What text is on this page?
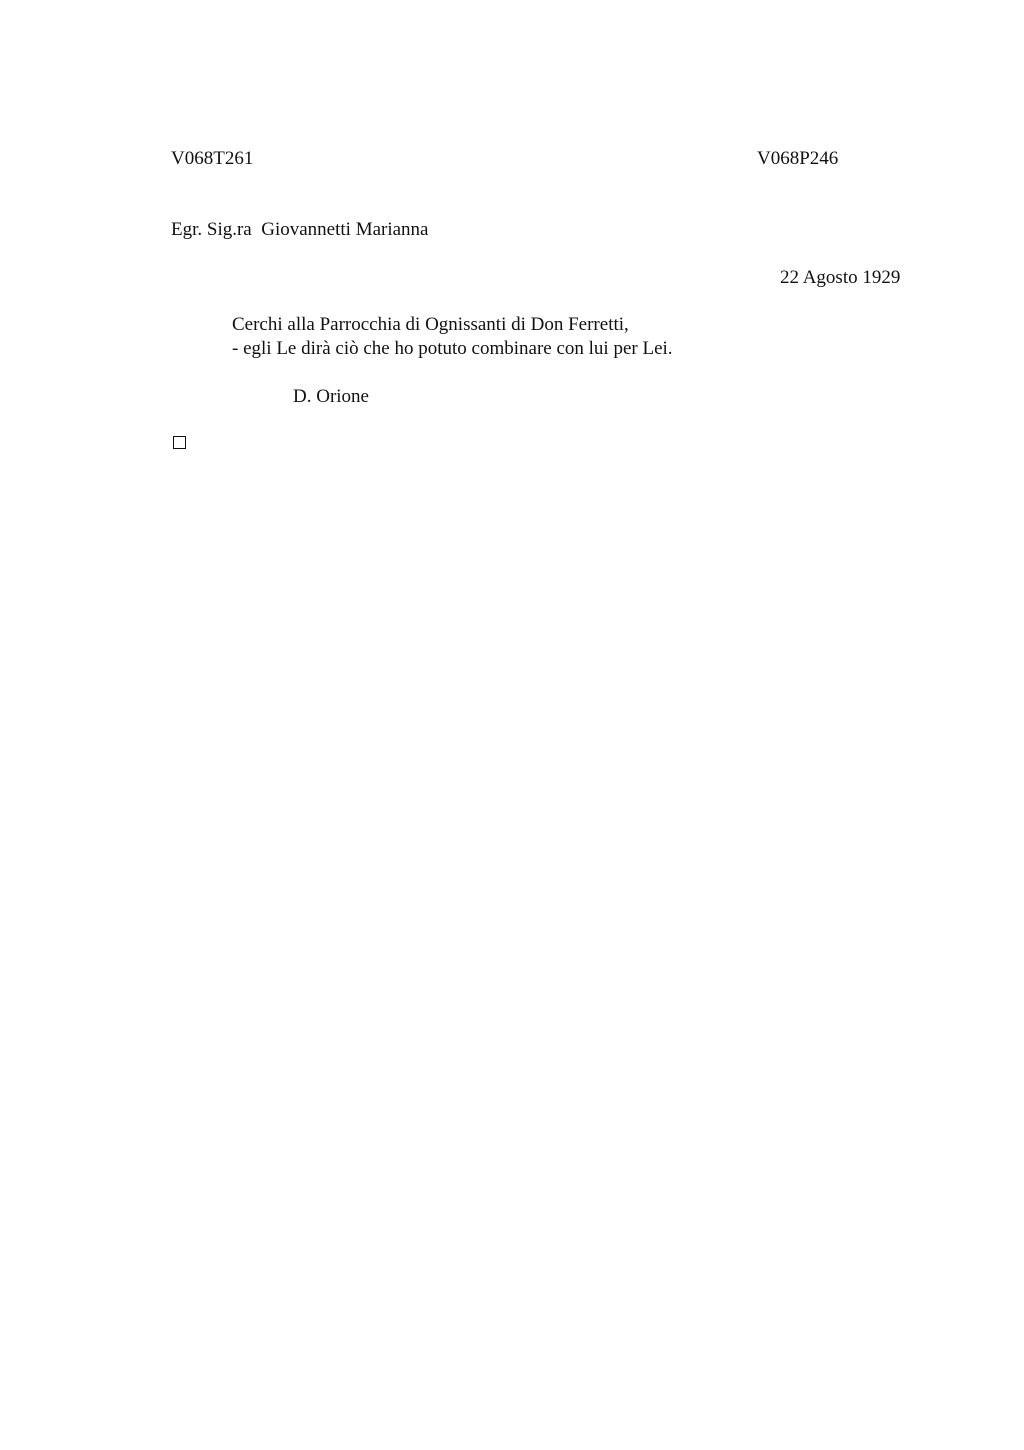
V068T261	V068P246
Egr. Sig.ra  Giovannetti Marianna
22 Agosto 1929
Cerchi alla Parrocchia di Ognissanti di Don Ferretti,
- egli Le dirà ciò che ho potuto combinare con lui per Lei.
D. Orione
